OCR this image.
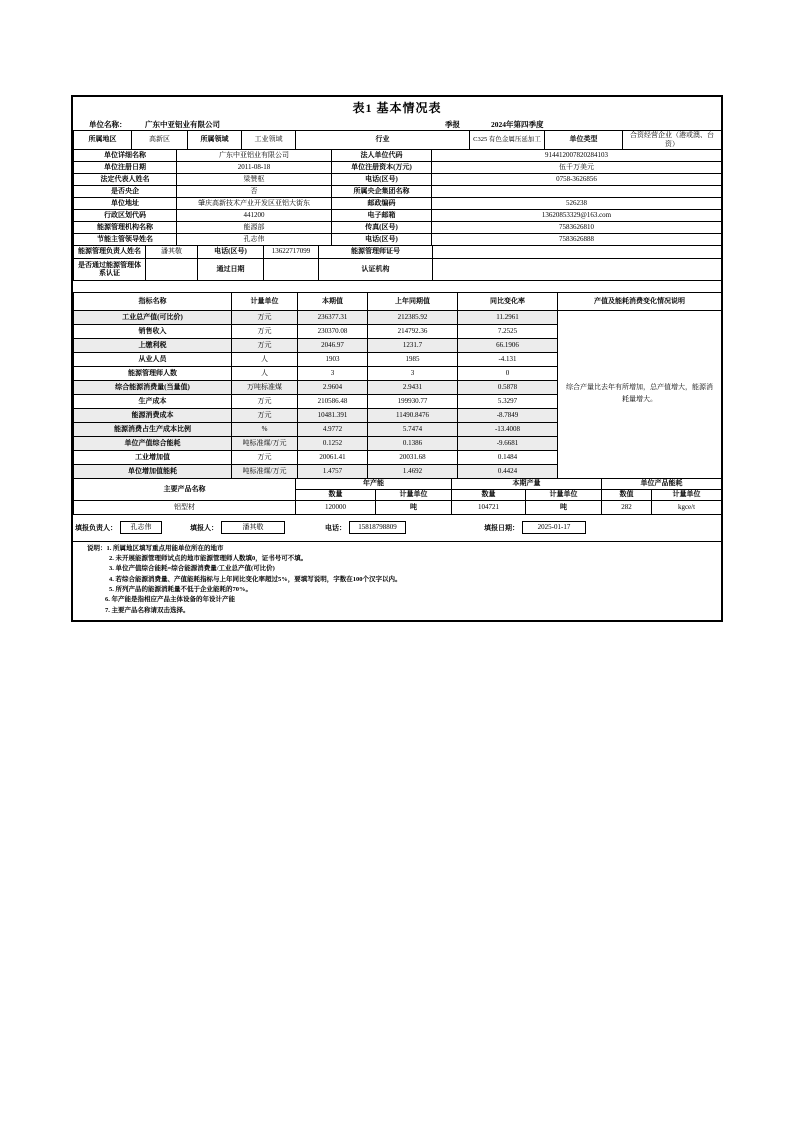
表1 基本情况表
单位名称： 广东中亚铝业有限公司	季报	2024年第四季度
所属地区	高新区	所属领域	工业领域	行业	C325 有色金属压延加工	单位类型	合资经营企业（港或澳、台资）
单位详细名称	广东中亚铝业有限公司	法人单位代码	914412007820284103
单位注册日期	2011-08-18	单位注册资本(万元)	伍千万美元
法定代表人姓名	梁赞枢	电话(区号)	0758-3626856
是否央企	否	所属央企集团名称	
单位地址	肇庆高新技术产业开发区亚铝大街东	邮政编码	526238
行政区划代码	441200	电子邮箱	13620853329@163.com
能源管理机构名称	能源部	传真(区号)	7583626810
节能主管领导姓名	孔志伟	电话(区号)	7583626888
能源管理负责人姓名	潘其敬	电话(区号)	13622717099	能源管理师证号	
是否通过能源管理体系认证		通过日期		认证机构	
指标名称	计量单位	本期值	上年同期值	同比变化率	产值及能耗消费变化情况说明
工业总产值(可比价)	万元	236377.31	212385.92	11.2961	综合产量比去年有所增加，总产值增大，能源消耗量增大。
销售收入	万元	230370.08	214792.36	7.2525	
上缴利税	万元	2046.97	1231.7	66.1906	
从业人员	人	1903	1985	-4.131	
能源管理师人数	人	3	3	0	
综合能源消费量(当量值)	万吨标准煤	2.9604	2.9431	0.5878	
生产成本	万元	210586.48	199930.77	5.3297	
能源消费成本	万元	10481.391	11490.8476	-8.7849	
能源消费占生产成本比例	%	4.9772	5.7474	-13.4008	
单位产值综合能耗	吨标准煤/万元	0.1252	0.1386	-9.6681	
工业增加值	万元	20061.41	20031.68	0.1484	
单位增加值能耗	吨标准煤/万元	1.4757	1.4692	0.4424	
主要产品名称	年产能		本期产量		单位产品能耗	
	数量	计量单位	数量	计量单位	数值	计量单位
铝型材	120000	吨	104721	吨	282	kgce/t
填报负责人：	孔志伟	填报人：	潘其敬	电话：	15818798809	填报日期：	2025-01-17
说明： 1. 所属地区填写重点用能单位所在的地市
2. 未开展能源管理师试点的地市能源管理师人数填0，证书号可不填。
3. 单位产值综合能耗=综合能源消费量/工业总产值(可比价)
4. 若综合能源消费量、产值能耗指标与上年同比变化率超过5%，要填写说明，字数在100个汉字以内。
5. 所列产品的能源消耗量不低于企业能耗的70%。
6. 年产能是指相应产品主体设备的年设计产能
7. 主要产品名称请双击选择。
